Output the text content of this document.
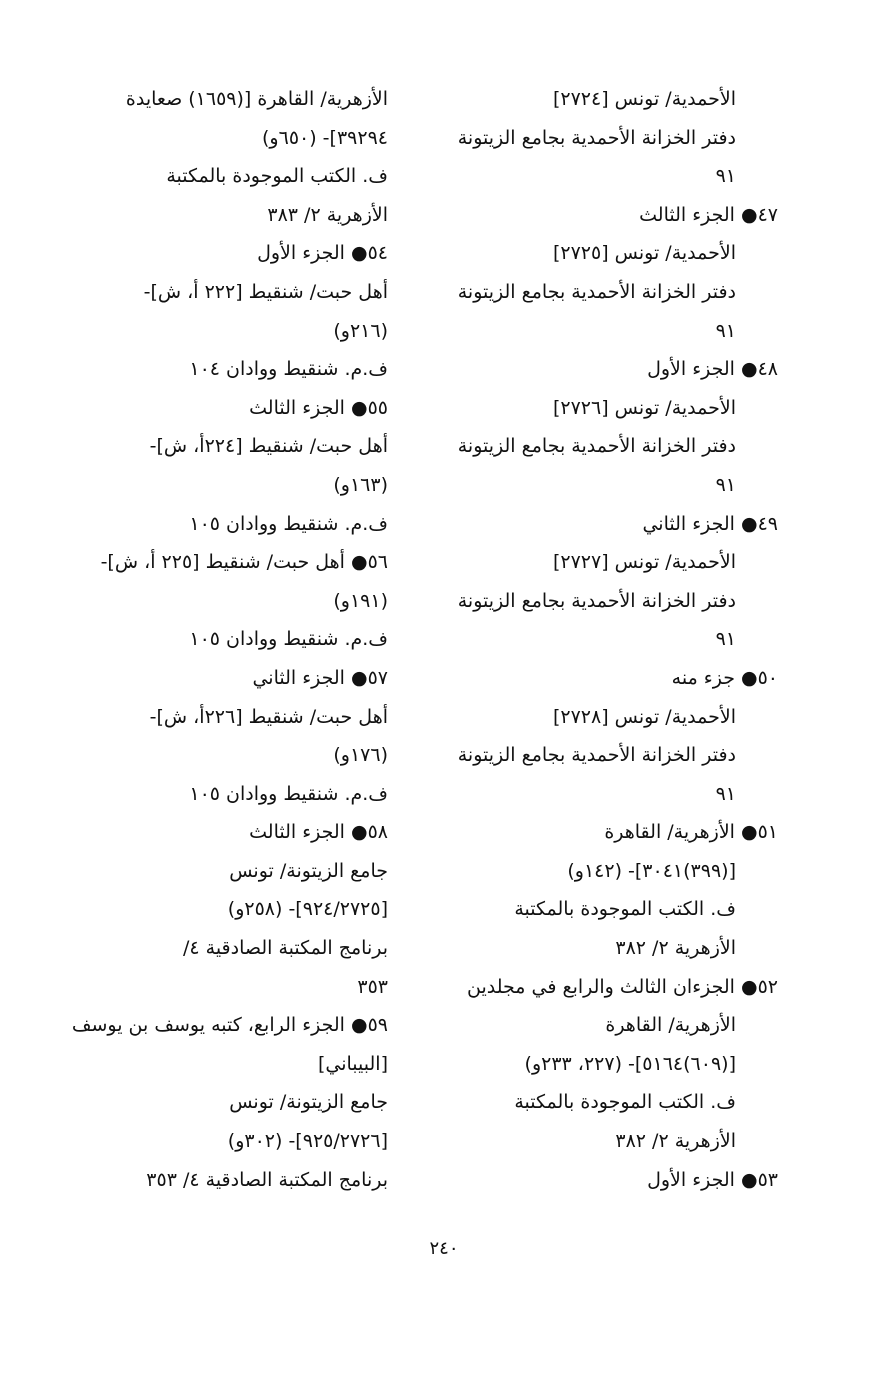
الأحمدية/ تونس [٢٧٢٤]
دفتر الخزانة الأحمدية بجامع الزيتونة
٩١
٤٧● الجزء الثالث
الأحمدية/ تونس [٢٧٢٥]
دفتر الخزانة الأحمدية بجامع الزيتونة
٩١
٤٨● الجزء الأول
الأحمدية/ تونس [٢٧٢٦]
دفتر الخزانة الأحمدية بجامع الزيتونة
٩١
٤٩● الجزء الثاني
الأحمدية/ تونس [٢٧٢٧]
دفتر الخزانة الأحمدية بجامع الزيتونة
٩١
٥٠● جزء منه
الأحمدية/ تونس [٢٧٢٨]
دفتر الخزانة الأحمدية بجامع الزيتونة
٩١
٥١● الأزهرية/ القاهرة
[(٣٩٩)٣٠٤١]- (١٤٢و)
ف. الكتب الموجودة بالمكتبة
الأزهرية ٢/ ٣٨٢
٥٢● الجزءان الثالث والرابع في مجلدين
الأزهرية/ القاهرة
[(٦٠٩)٥١٦٤]- (٢٢٧، ٢٣٣و)
ف. الكتب الموجودة بالمكتبة
الأزهرية ٢/ ٣٨٢
٥٣● الجزء الأول
الأزهرية/ القاهرة [(١٦٥٩) صعايدة
٣٩٢٩٤]- (٦٥٠و)
ف. الكتب الموجودة بالمكتبة
الأزهرية ٢/ ٣٨٣
٥٤● الجزء الأول
أهل حبت/ شنقيط [٢٢٢ أ، ش]-
(٢١٦و)
ف.م. شنقيط ووادان ١٠٤
٥٥● الجزء الثالث
أهل حبت/ شنقيط [٢٢٤أ، ش]-
(١٦٣و)
ف.م. شنقيط ووادان ١٠٥
٥٦● أهل حبت/ شنقيط [٢٢٥ أ، ش]-
(١٩١و)
ف.م. شنقيط ووادان ١٠٥
٥٧● الجزء الثاني
أهل حبت/ شنقيط [٢٢٦أ، ش]-
(١٧٦و)
ف.م. شنقيط ووادان ١٠٥
٥٨● الجزء الثالث
جامع الزيتونة/ تونس
[٩٢٤/٢٧٢٥]- (٢٥٨و)
برنامج المكتبة الصادقية ٤/
٣٥٣
٥٩● الجزء الرابع، كتبه يوسف بن يوسف
[البيباني]
جامع الزيتونة/ تونس
[٩٢٥/٢٧٢٦]- (٣٠٢و)
برنامج المكتبة الصادقية ٤/ ٣٥٣
٢٤٠
